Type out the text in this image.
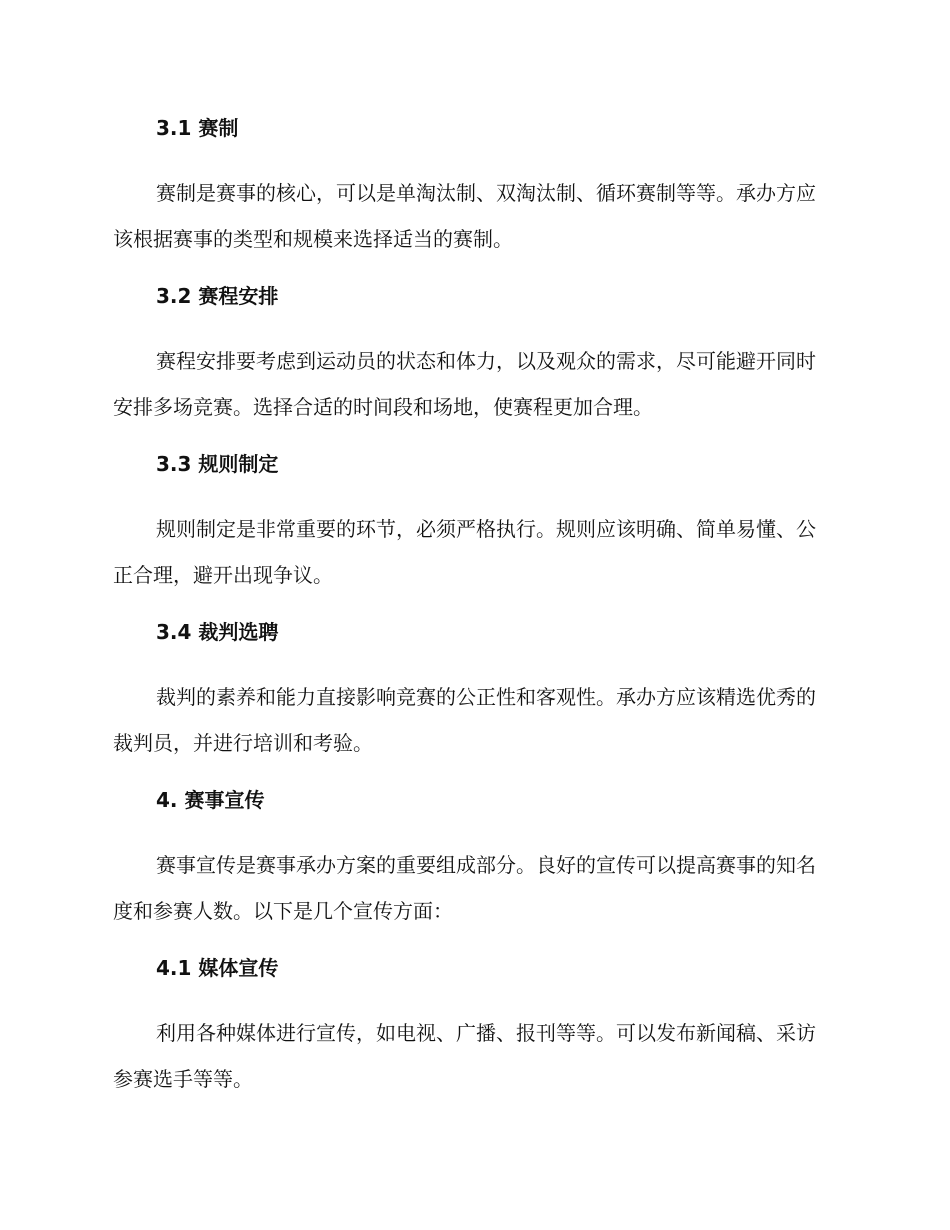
3.1 赛制

赛制是赛事的核心，可以是单淘汰制、双淘汰制、循环赛制等等。承办方应该根据赛事的类型和规模来选择适当的赛制。

3.2 赛程安排

赛程安排要考虑到运动员的状态和体力，以及观众的需求，尽可能避开同时安排多场竞赛。选择合适的时间段和场地，使赛程更加合理。

3.3 规则制定

规则制定是非常重要的环节，必须严格执行。规则应该明确、简单易懂、公正合理，避开出现争议。

3.4 裁判选聘

裁判的素养和能力直接影响竞赛的公正性和客观性。承办方应该精选优秀的裁判员，并进行培训和考验。

4. 赛事宣传

赛事宣传是赛事承办方案的重要组成部分。良好的宣传可以提高赛事的知名度和参赛人数。以下是几个宣传方面：

4.1 媒体宣传

利用各种媒体进行宣传，如电视、广播、报刊等等。可以发布新闻稿、采访参赛选手等等。
